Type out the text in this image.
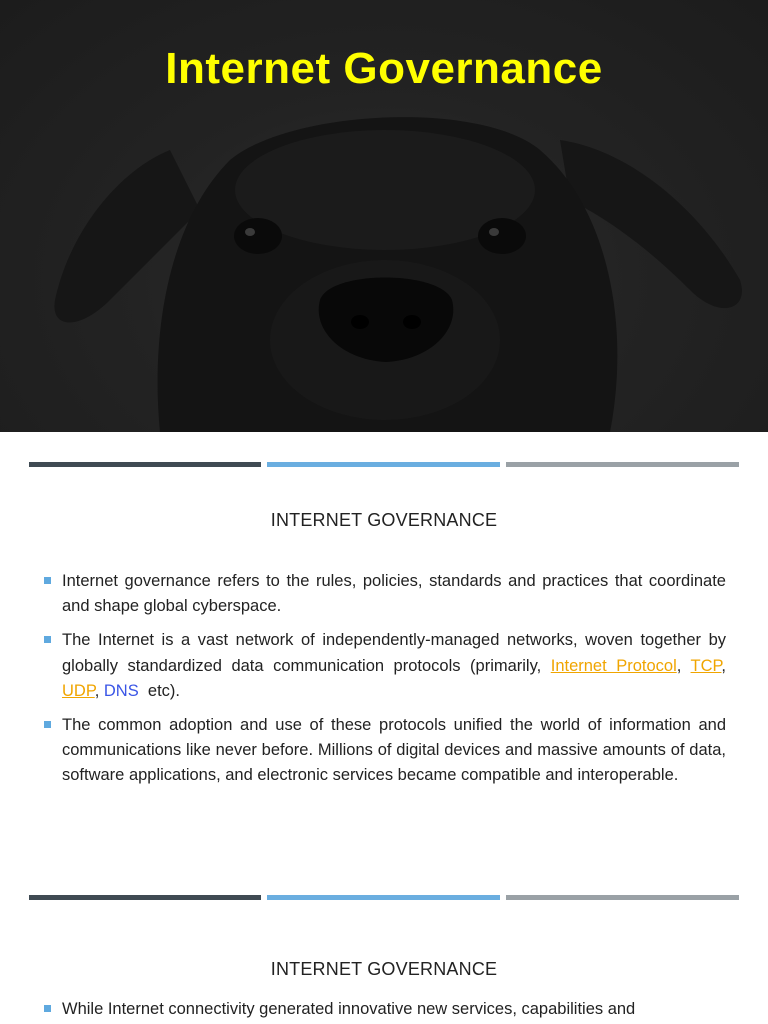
Internet Governance
INTERNET GOVERNANCE
Internet governance refers to the rules, policies, standards and practices that coordinate and shape global cyberspace.
The Internet is a vast network of independently-managed networks, woven together by globally standardized data communication protocols (primarily, Internet Protocol, TCP, UDP, DNS  etc).
The common adoption and use of these protocols unified the world of information and communications like never before. Millions of digital devices and massive amounts of data, software applications, and electronic services became compatible and interoperable.
INTERNET GOVERNANCE
While Internet connectivity generated innovative new services, capabilities and
